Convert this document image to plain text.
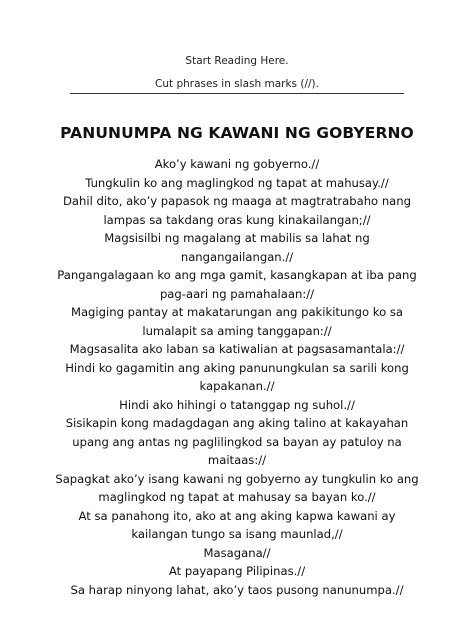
Start Reading Here.
Cut phrases in slash marks (//).
PANUNUMPA NG KAWANI NG GOBYERNO
Ako’y kawani ng gobyerno.//
Tungkulin ko ang maglingkod ng tapat at mahusay.//
Dahil dito, ako’y papasok ng maaga at magtratrabaho nang
lampas sa takdang oras kung kinakailangan;//
Magsisilbi ng magalang at mabilis sa lahat ng
nangangailangan.//
Pangangalagaan ko ang mga gamit, kasangkapan at iba pang
pag-aari ng pamahalaan://
Magiging pantay at makatarungan ang pakikitungo ko sa
lumalapit sa aming tanggapan://
Magsasalita ako laban sa katiwalian at pagsasamantala://
Hindi ko gagamitin ang aking panunungkulan sa sarili kong
kapakanan.//
Hindi ako hihingi o tatanggap ng suhol.//
Sisikapin kong madagdagan ang aking talino at kakayahan
upang ang antas ng paglilingkod sa bayan ay patuloy na
maitaas://
Sapagkat ako’y isang kawani ng gobyerno ay tungkulin ko ang
maglingkod ng tapat at mahusay sa bayan ko.//
At sa panahong ito, ako at ang aking kapwa kawani ay
kailangan tungo sa isang maunlad,//
Masagana//
At payapang Pilipinas.//
Sa harap ninyong lahat, ako’y taos pusong nanunumpa.//
